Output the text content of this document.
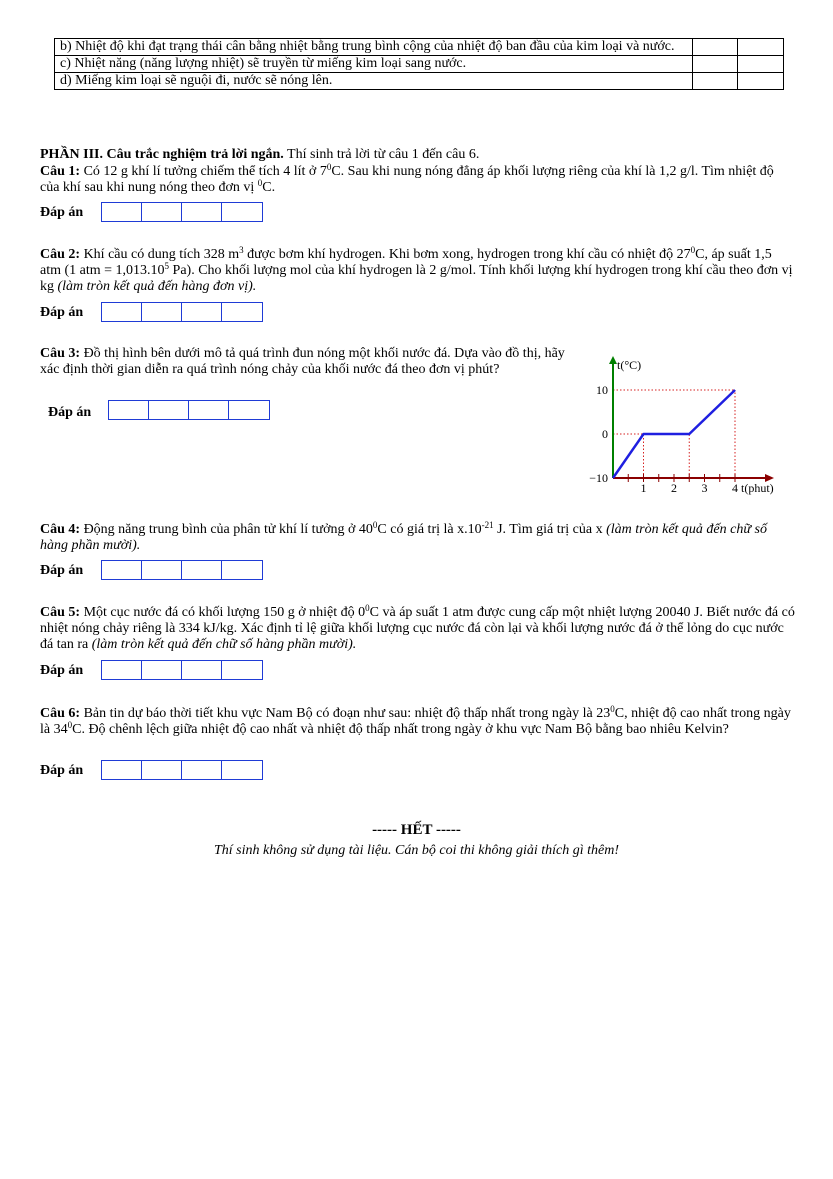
b) Nhiệt độ khi đạt trạng thái cân bằng nhiệt bằng trung bình cộng của nhiệt độ ban đầu của kim loại và nước.		
c) Nhiệt năng (năng lượng nhiệt) sẽ truyền từ miếng kim loại sang nước.		
d) Miếng kim loại sẽ nguội đi, nước sẽ nóng lên.		
PHẦN III. Câu trắc nghiệm trả lời ngắn. Thí sinh trả lời từ câu 1 đến câu 6.
Câu 1: Có 12 g khí lí tưởng chiếm thể tích 4 lít ở $7^0C$. Sau khi nung nóng đẳng áp khối lượng riêng của khí là 1,2 g/l. Tìm nhiệt độ của khí sau khi nung nóng theo đơn vị $^0$C.
Đáp án
Câu 2: Khí cầu có dung tích 328 $m^3$ được bơm khí hydrogen. Khi bơm xong, hydrogen trong khí cầu có nhiệt độ $27^0C$, áp suất 1,5 atm (1 atm = $1,013.10^5$ Pa). Cho khối lượng mol của khí hydrogen là 2 g/mol. Tính khối lượng khí hydrogen trong khí cầu theo đơn vị kg (làm tròn kết quả đến hàng đơn vị).
Đáp án
Câu 3: Đồ thị hình bên dưới mô tả quá trình đun nóng một khối nước đá. Dựa vào đồ thị, hãy xác định thời gian diễn ra quá trình nóng chảy của khối nước đá theo đơn vị phút?
Đáp án
1 2 3 4
10
0
−10
t(°C)
t(phut)
Câu 4: Động năng trung bình của phân tử khí lí tưởng ở $40^0C$ có giá trị là $x.10^{-21}$ J. Tìm giá trị của x (làm tròn kết quả đến chữ số hàng phần mười).
Đáp án
Câu 5: Một cục nước đá có khối lượng 150 g ở nhiệt độ $0^0C$ và áp suất 1 atm được cung cấp một nhiệt lượng 20040 J. Biết nước đá có nhiệt nóng chảy riêng là 334 kJ/kg. Xác định tỉ lệ giữa khối lượng cục nước đá còn lại và khối lượng nước đá ở thể lỏng do cục nước đá tan ra (làm tròn kết quả đến chữ số hàng phần mười).
Đáp án
Câu 6: Bản tin dự báo thời tiết khu vực Nam Bộ có đoạn như sau: nhiệt độ thấp nhất trong ngày là $23^0C$, nhiệt độ cao nhất trong ngày là $34^0C$. Độ chênh lệch giữa nhiệt độ cao nhất và nhiệt độ thấp nhất trong ngày ở khu vực Nam Bộ bằng bao nhiêu Kelvin?
Đáp án
----- HẾT -----
Thí sinh không sử dụng tài liệu. Cán bộ coi thi không giải thích gì thêm!
